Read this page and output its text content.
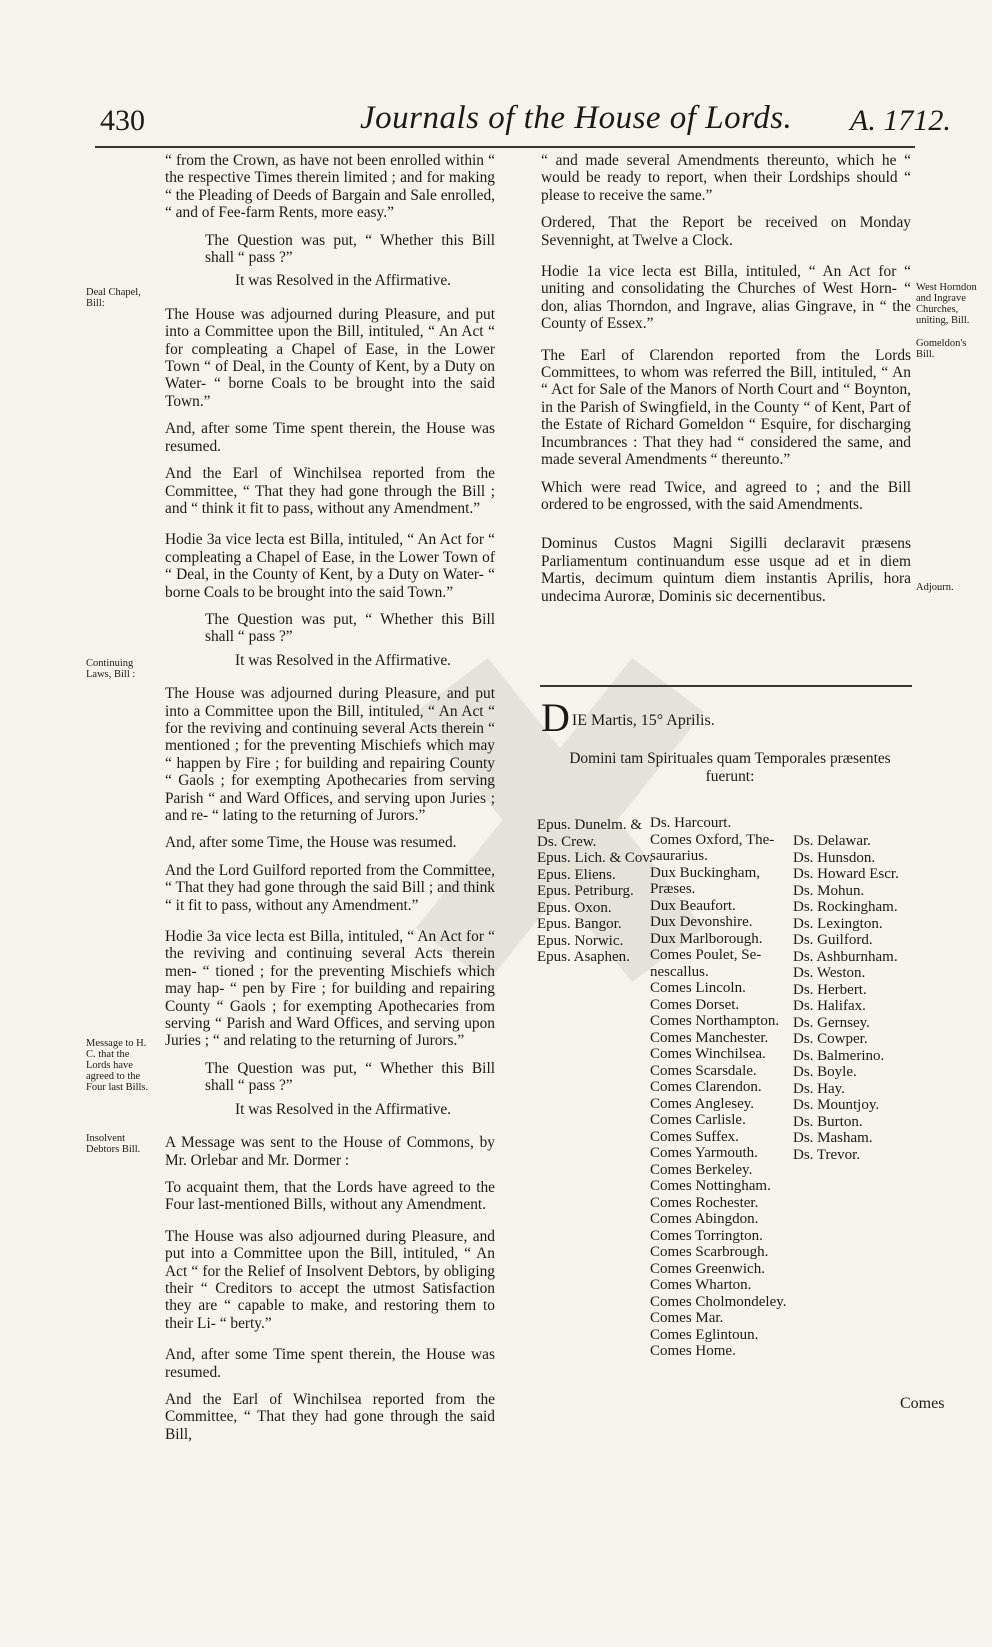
430	Journals of the House of Lords. A. 1712.
Deal Chapel, Bill:
Continuing Laws, Bill :
Message to H. C. that the Lords have agreed to the Four last Bills.
Insolvent Debtors Bill.

“ from the Crown, as have not been enrolled within “ the respective Times therein limited ; and for making “ the Pleading of Deeds of Bargain and Sale enrolled, “ and of Fee-farm Rents, more easy.”

The Question was put, “ Whether this Bill shall “ pass ?”

It was Resolved in the Affirmative.

The House was adjourned during Pleasure, and put into a Committee upon the Bill, intituled, “ An Act “ for compleating a Chapel of Ease, in the Lower Town “ of Deal, in the County of Kent, by a Duty on Water- “ borne Coals to be brought into the said Town.”

And, after some Time spent therein, the House was resumed.

And the Earl of Winchilsea reported from the Committee, “ That they had gone through the Bill ; and “ think it fit to pass, without any Amendment.”

Hodie 3a vice lecta est Billa, intituled, “ An Act for “ compleating a Chapel of Ease, in the Lower Town of “ Deal, in the County of Kent, by a Duty on Water- “ borne Coals to be brought into the said Town.”

The Question was put, “ Whether this Bill shall “ pass ?”

It was Resolved in the Affirmative.

The House was adjourned during Pleasure, and put into a Committee upon the Bill, intituled, “ An Act “ for the reviving and continuing several Acts therein “ mentioned ; for the preventing Mischiefs which may “ happen by Fire ; for building and repairing County “ Gaols ; for exempting Apothecaries from serving Parish “ and Ward Offices, and serving upon Juries ; and re- “ lating to the returning of Jurors.”

And, after some Time, the House was resumed.

And the Lord Guilford reported from the Committee, “ That they had gone through the said Bill ; and think “ it fit to pass, without any Amendment.”

Hodie 3a vice lecta est Billa, intituled, “ An Act for “ the reviving and continuing several Acts therein men- “ tioned ; for the preventing Mischiefs which may hap- “ pen by Fire ; for building and repairing County “ Gaols ; for exempting Apothecaries from serving “ Parish and Ward Offices, and serving upon Juries ; “ and relating to the returning of Jurors.”

The Question was put, “ Whether this Bill shall “ pass ?”

It was Resolved in the Affirmative.

A Message was sent to the House of Commons, by Mr. Orlebar and Mr. Dormer :

To acquaint them, that the Lords have agreed to the Four last-mentioned Bills, without any Amendment.

The House was also adjourned during Pleasure, and put into a Committee upon the Bill, intituled, “ An Act “ for the Relief of Insolvent Debtors, by obliging their “ Creditors to accept the utmost Satisfaction they are “ capable to make, and restoring them to their Li- “ berty.”

And, after some Time spent therein, the House was resumed.

And the Earl of Winchilsea reported from the Committee, “ That they had gone through the said Bill,

“ and made several Amendments thereunto, which he “ would be ready to report, when their Lordships should “ please to receive the same.”

Ordered, That the Report be received on Monday Sevennight, at Twelve a Clock.

Hodie 1a vice lecta est Billa, intituled, “ An Act for “ uniting and consolidating the Churches of West Horn- “ don, alias Thorndon, and Ingrave, alias Gingrave, in “ the County of Essex.”

The Earl of Clarendon reported from the Lords Committees, to whom was referred the Bill, intituled, “ An “ Act for Sale of the Manors of North Court and “ Boynton, in the Parish of Swingfield, in the County “ of Kent, Part of the Estate of Richard Gomeldon “ Esquire, for discharging Incumbrances : That they had “ considered the same, and made several Amendments “ thereunto.”

Which were read Twice, and agreed to ; and the Bill ordered to be engrossed, with the said Amendments.

Dominus Custos Magni Sigilli declaravit præsens Parliamentum continuandum esse usque ad et in diem Martis, decimum quintum diem instantis Aprilis, hora undecima Auroræ, Dominis sic decernentibus.

West Horndon and Ingrave Churches, uniting, Bill.
Gomeldon's Bill.
Adjourn.
D IE Martis, 15° Aprilis.
Domini tam Spirituales quam Temporales præsentes fuerunt:
Epus. Dunelm. &
Ds. Crew.
Epus. Lich. & Cov.
Epus. Eliens.
Epus. Petriburg.
Epus. Oxon.
Epus. Bangor.
Epus. Norwic.
Epus. Asaphen.
Ds. Harcourt.
Comes Oxford, The-
saurarius.
Dux Buckingham,
Præses.
Dux Beaufort.
Dux Devonshire.
Dux Marlborough.
Comes Poulet, Se-
nescallus.
Comes Lincoln.
Comes Dorset.
Comes Northampton.
Comes Manchester.
Comes Winchilsea.
Comes Scarsdale.
Comes Clarendon.
Comes Anglesey.
Comes Carlisle.
Comes Suffex.
Comes Yarmouth.
Comes Berkeley.
Comes Nottingham.
Comes Rochester.
Comes Abingdon.
Comes Torrington.
Comes Scarbrough.
Comes Greenwich.
Comes Wharton.
Comes Cholmondeley.
Comes Mar.
Comes Eglintoun.
Comes Home.
Ds. Delawar.
Ds. Hunsdon.
Ds. Howard Escr.
Ds. Mohun.
Ds. Rockingham.
Ds. Lexington.
Ds. Guilford.
Ds. Ashburnham.
Ds. Weston.
Ds. Herbert.
Ds. Halifax.
Ds. Gernsey.
Ds. Cowper.
Ds. Balmerino.
Ds. Boyle.
Ds. Hay.
Ds. Mountjoy.
Ds. Burton.
Ds. Masham.
Ds. Trevor.
Comes
